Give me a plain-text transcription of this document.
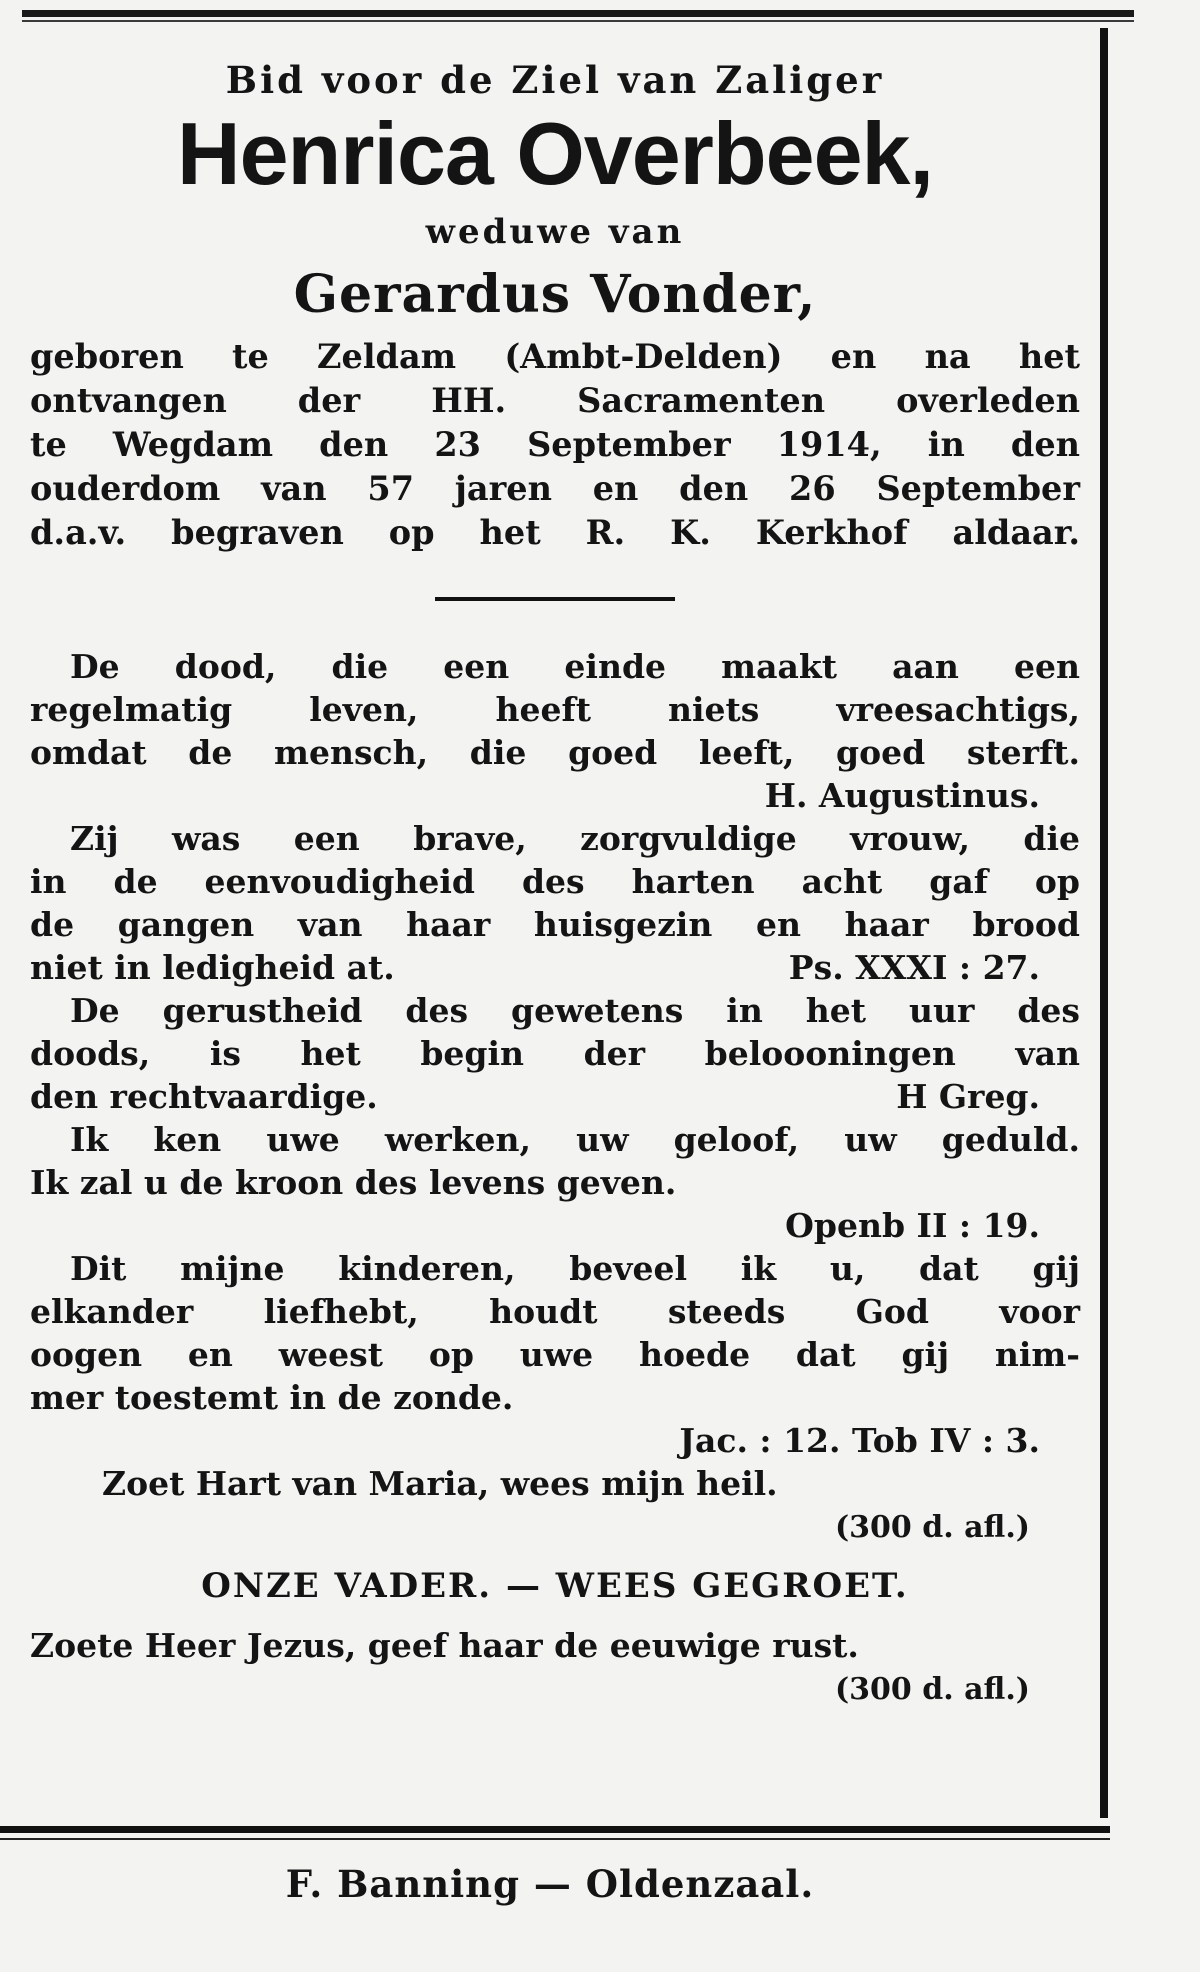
Bid voor de Ziel van Zaliger
Henrica Overbeek,
weduwe van
Gerardus Vonder,
geboren te Zeldam (Ambt-Delden) en na het
ontvangen der HH. Sacramenten overleden
te Wegdam den 23 September 1914, in den
ouderdom van 57 jaren en den 26 September
d.a.v. begraven op het R. K. Kerkhof aldaar.
De dood, die een einde maakt aan een
regelmatig leven, heeft niets vreesachtigs,
omdat de mensch, die goed leeft, goed sterft.
H. Augustinus.
Zij was een brave, zorgvuldige vrouw, die
in de eenvoudigheid des harten acht gaf op
de gangen van haar huisgezin en haar brood
niet in ledigheid at.	Ps. XXXI : 27.
De gerustheid des gewetens in het uur des
doods, is het begin der beloooningen van
den rechtvaardige.	H Greg.
Ik ken uwe werken, uw geloof, uw geduld.
Ik zal u de kroon des levens geven.
Openb II : 19.
Dit mijne kinderen, beveel ik u, dat gij
elkander liefhebt, houdt steeds God voor
oogen en weest op uwe hoede dat gij nim-
mer toestemt in de zonde.
Jac. : 12. Tob IV : 3.
Zoet Hart van Maria, wees mijn heil.
(300 d. afl.)
ONZE VADER. — WEES GEGROET.
Zoete Heer Jezus, geef haar de eeuwige rust.
(300 d. afl.)
F. Banning — Oldenzaal.
